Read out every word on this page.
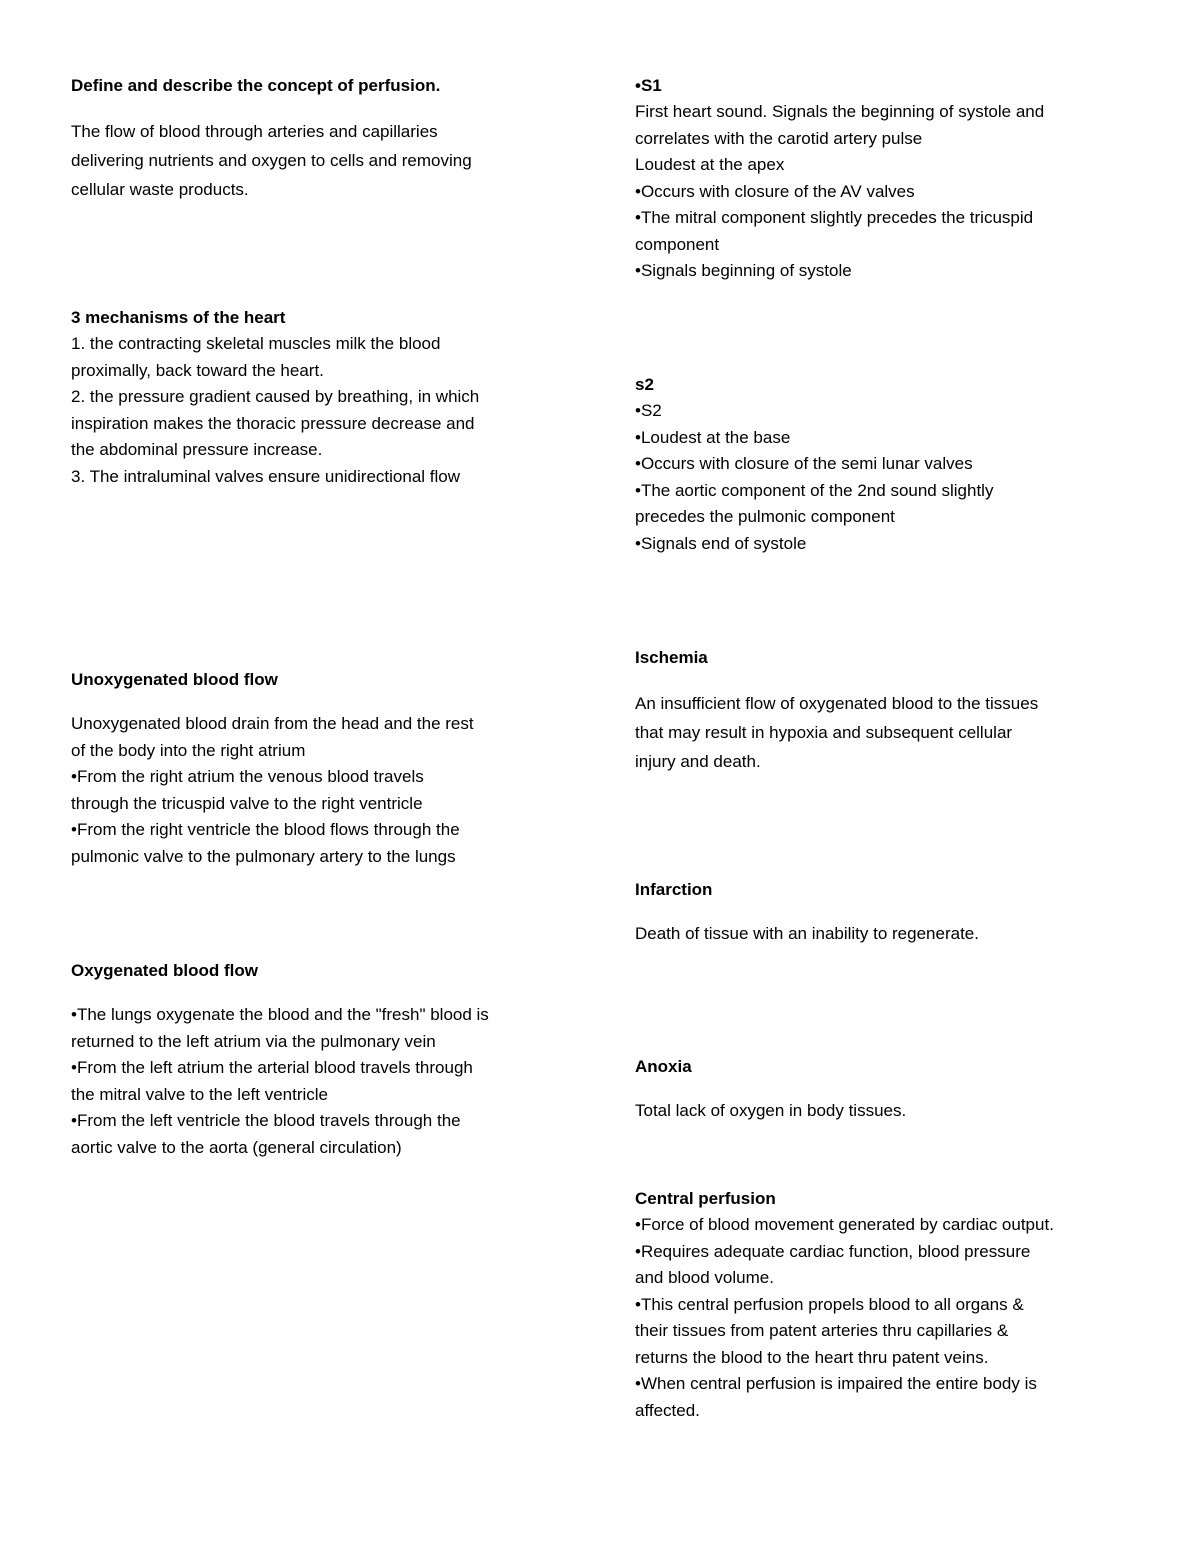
Define and describe the concept of perfusion.
The flow of blood through arteries and capillaries
delivering nutrients and oxygen to cells and removing
cellular waste products.
3 mechanisms of the heart
1. the contracting skeletal muscles milk the blood
proximally, back toward the heart.
2. the pressure gradient caused by breathing, in which
inspiration makes the thoracic pressure decrease and
the abdominal pressure increase.
3. The intraluminal valves ensure unidirectional flow
Unoxygenated blood flow
Unoxygenated blood drain from the head and the rest
of the body into the right atrium
•From the right atrium the venous blood travels
through the tricuspid valve to the right ventricle
•From the right ventricle the blood flows through the
pulmonic valve to the pulmonary artery to the lungs
Oxygenated blood flow
•The lungs oxygenate the blood and the "fresh" blood is
returned to the left atrium via the pulmonary vein
•From the left atrium the arterial blood travels through
the mitral valve to the left ventricle
•From the left ventricle the blood travels through the
aortic valve to the aorta (general circulation)
•S1
First heart sound. Signals the beginning of systole and
correlates with the carotid artery pulse
Loudest at the apex
•Occurs with closure of the AV valves
•The mitral component slightly precedes the tricuspid
component
•Signals beginning of systole
s2
•S2
•Loudest at the base
•Occurs with closure of the semi lunar valves
•The aortic component of the 2nd sound slightly
precedes the pulmonic component
•Signals end of systole
Ischemia
An insufficient flow of oxygenated blood to the tissues
that may result in hypoxia and subsequent cellular
injury and death.
Infarction
Death of tissue with an inability to regenerate.
Anoxia
Total lack of oxygen in body tissues.
Central perfusion
•Force of blood movement generated by cardiac output.
•Requires adequate cardiac function, blood pressure
and blood volume.
•This central perfusion propels blood to all organs &
their tissues from patent arteries thru capillaries &
returns the blood to the heart thru patent veins.
•When central perfusion is impaired the entire body is
affected.
